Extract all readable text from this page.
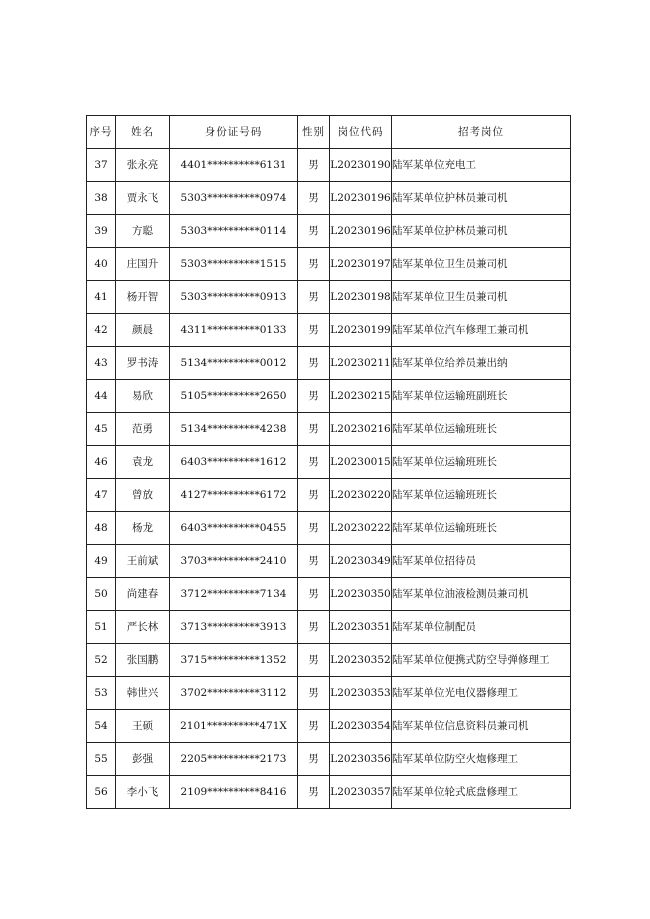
序号	姓名	身份证号码	性别	岗位代码	招考岗位
37	张永亮	4401**********6131	男	L20230190	陆军某单位充电工
38	贾永飞	5303**********0974	男	L20230196	陆军某单位护林员兼司机
39	方聪	5303**********0114	男	L20230196	陆军某单位护林员兼司机
40	庄国升	5303**********1515	男	L20230197	陆军某单位卫生员兼司机
41	杨开智	5303**********0913	男	L20230198	陆军某单位卫生员兼司机
42	颜晨	4311**********0133	男	L20230199	陆军某单位汽车修理工兼司机
43	罗书涛	5134**********0012	男	L20230211	陆军某单位给养员兼出纳
44	易欣	5105**********2650	男	L20230215	陆军某单位运输班副班长
45	范勇	5134**********4238	男	L20230216	陆军某单位运输班班长
46	袁龙	6403**********1612	男	L20230015	陆军某单位运输班班长
47	曾放	4127**********6172	男	L20230220	陆军某单位运输班班长
48	杨龙	6403**********0455	男	L20230222	陆军某单位运输班班长
49	王前斌	3703**********2410	男	L20230349	陆军某单位招待员
50	尚建春	3712**********7134	男	L20230350	陆军某单位油液检测员兼司机
51	严长林	3713**********3913	男	L20230351	陆军某单位制配员
52	张国鹏	3715**********1352	男	L20230352	陆军某单位便携式防空导弹修理工
53	韩世兴	3702**********3112	男	L20230353	陆军某单位光电仪器修理工
54	王硕	2101**********471X	男	L20230354	陆军某单位信息资料员兼司机
55	彭强	2205**********2173	男	L20230356	陆军某单位防空火炮修理工
56	李小飞	2109**********8416	男	L20230357	陆军某单位轮式底盘修理工
